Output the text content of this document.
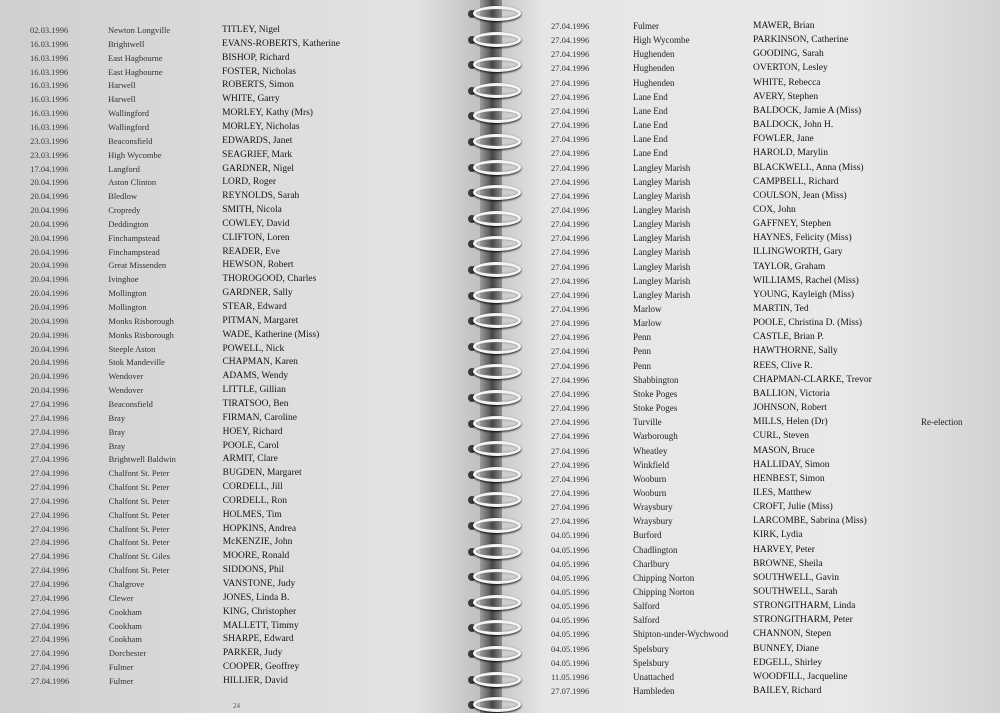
02.03.1996	Newton Longville	TITLEY, Nigel
16.03.1996	Brightwell	EVANS-ROBERTS, Katherine
16.03.1996	East Hagbourne	BISHOP, Richard
16.03.1996	East Hagbourne	FOSTER, Nicholas
16.03.1996	Harwell	ROBERTS, Simon
16.03.1996	Harwell	WHITE, Garry
16.03.1996	Wallingford	MORLEY, Kathy (Mrs)
16.03.1996	Wallingford	MORLEY, Nicholas
23.03.1996	Beaconsfield	EDWARDS, Janet
23.03.1996	High Wycombe	SEAGRIEF, Mark
17.04.1996	Langford	GARDNER, Nigel
20.04.1996	Aston Clinton	LORD, Roger
20.04.1996	Bledlow	REYNOLDS, Sarah
20.04.1996	Cropredy	SMITH, Nicola
20.04.1996	Deddington	COWLEY, David
20.04.1996	Finchampstead	CLIFTON, Loren
20.04.1996	Finchampstead	READER, Eve
20.04.1996	Great Missenden	HEWSON, Robert
20.04.1996	Ivinghoe	THOROGOOD, Charles
20.04.1996	Mollington	GARDNER, Sally
20.04.1996	Mollington	STEAR, Edward
20.04.1996	Monks Risborough	PITMAN, Margaret
20.04.1996	Monks Risborough	WADE, Katherine (Miss)
20.04.1996	Steeple Aston	POWELL, Nick
20.04.1996	Stok Mandeville	CHAPMAN, Karen
20.04.1996	Wendover	ADAMS, Wendy
20.04.1996	Wendover	LITTLE, Gillian
27.04.1996	Beaconsfield	TIRATSOO, Ben
27.04.1996	Bray	FIRMAN, Caroline
27.04.1996	Bray	HOEY, Richard
27.04.1996	Bray	POOLE, Carol
27.04.1996	Brightwell Baldwin	ARMIT, Clare
27.04.1996	Chalfont St. Peter	BUGDEN, Margaret
27.04.1996	Chalfont St. Peter	CORDELL, Jill
27.04.1996	Chalfont St. Peter	CORDELL, Ron
27.04.1996	Chalfont St. Peter	HOLMES, Tim
27.04.1996	Chalfont St. Peter	HOPKINS, Andrea
27.04.1996	Chalfont St. Peter	McKENZIE, John
27.04.1996	Chalfont St. Giles	MOORE, Ronald
27.04.1996	Chalfont St. Peter	SIDDONS, Phil
27.04.1996	Chalgrove	VANSTONE, Judy
27.04.1996	Clewer	JONES, Linda B.
27.04.1996	Cookham	KING, Christopher
27.04.1996	Cookham	MALLETT, Timmy
27.04.1996	Cookham	SHARPE, Edward
27.04.1996	Dorchester	PARKER, Judy
27.04.1996	Fulmer	COOPER, Geoffrey
27.04.1996	Fulmer	HILLIER, David
24
27.04.1996	Fulmer	MAWER, Brian
27.04.1996	High Wycombe	PARKINSON, Catherine
27.04.1996	Hughenden	GOODING, Sarah
27.04.1996	Hughenden	OVERTON, Lesley
27.04.1996	Hughenden	WHITE, Rebecca
27.04.1996	Lane End	AVERY, Stephen
27.04.1996	Lane End	BALDOCK, Jamie A (Miss)
27.04.1996	Lane End	BALDOCK, John H.
27.04.1996	Lane End	FOWLER, Jane
27.04.1996	Lane End	HAROLD, Marylin
27.04.1996	Langley Marish	BLACKWELL, Anna (Miss)
27.04.1996	Langley Marish	CAMPBELL, Richard
27.04.1996	Langley Marish	COULSON, Jean (Miss)
27.04.1996	Langley Marish	COX, John
27.04.1996	Langley Marish	GAFFNEY, Stephen
27.04.1996	Langley Marish	HAYNES, Felicity (Miss)
27.04.1996	Langley Marish	ILLINGWORTH, Gary
27.04.1996	Langley Marish	TAYLOR, Graham
27.04.1996	Langley Marish	WILLIAMS, Rachel (Miss)
27.04.1996	Langley Marish	YOUNG, Kayleigh (Miss)
27.04.1996	Marlow	MARTIN, Ted
27.04.1996	Marlow	POOLE, Christina D. (Miss)
27.04.1996	Penn	CASTLE, Brian P.
27.04.1996	Penn	HAWTHORNE, Sally
27.04.1996	Penn	REES, Clive R.
27.04.1996	Shabbington	CHAPMAN-CLARKE, Trevor
27.04.1996	Stoke Poges	BALLION, Victoria
27.04.1996	Stoke Poges	JOHNSON, Robert
27.04.1996	Turville	MILLS, Helen (Dr)	Re-election
27.04.1996	Warborough	CURL, Steven
27.04.1996	Wheatley	MASON, Bruce
27.04.1996	Winkfield	HALLIDAY, Simon
27.04.1996	Wooburn	HENBEST, Simon
27.04.1996	Wooburn	ILES, Matthew
27.04.1996	Wraysbury	CROFT, Julie (Miss)
27.04.1996	Wraysbury	LARCOMBE, Sabrina (Miss)
04.05.1996	Burford	KIRK, Lydia
04.05.1996	Chadlington	HARVEY, Peter
04.05.1996	Charlbury	BROWNE, Sheila
04.05.1996	Chipping Norton	SOUTHWELL, Gavin
04.05.1996	Chipping Norton	SOUTHWELL, Sarah
04.05.1996	Salford	STRONGITHARM, Linda
04.05.1996	Salford	STRONGITHARM, Peter
04.05.1996	Shipton-under-Wychwood	CHANNON, Stepen
04.05.1996	Spelsbury	BUNNEY, Diane
04.05.1996	Spelsbury	EDGELL, Shirley
11.05.1996	Unattached	WOODFILL, Jacqueline
27.07.1996	Hambleden	BAILEY, Richard
